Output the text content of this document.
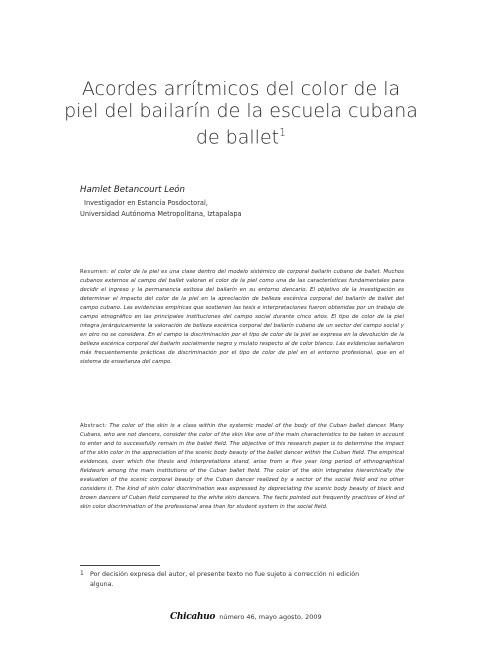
Acordes arrítmicos del color de la
piel del bailarín de la escuela cubana
de ballet$^1$
Hamlet Betancourt León
Investigador en Estancia Posdoctoral,
Universidad Autónoma Metropolitana, Iztapalapa
Resumen: el color de la piel es una clase dentro del modelo sistémico de corporal bailarín cubano de ballet. Muchos cubanos externos al campo del ballet valoran el color de la piel como una de las características fundamentales para decidir el ingreso y la permanencia exitosa del bailarín en su entorno dancario. El objetivo de la investigación es determinar el impacto del color de la piel en la apreciación de belleza escénica corporal del bailarín de ballet del campo cubano. Las evidencias empíricas que sostienen las tesis e interpretaciones fueron obtenidas por un trabajo de campo etnográfico en las principales instituciones del campo social durante cinco años. El tipo de color de la piel integra jerárquicamente la valoración de belleza escénica corporal del bailarín cubano de un sector del campo social y en otro no se considera. En el campo la discriminación por el tipo de color de la piel se expresa en la devolución de la belleza escénica corporal del bailarín socialmente negro y mulato respecto al de color blanco. Las evidencias señalaron más frecuentemente prácticas de discriminación por el tipo de color de piel en el entorno profesional, que en el sistema de enseñanza del campo.
Abstract: The color of the skin is a class within the systemic model of the body of the Cuban ballet dancer. Many Cubans, who are not dancers, consider the color of the skin like one of the main characteristics to be taken in account to enter and to successfully remain in the ballet field. The objective of this research paper is to determine the impact of the skin color in the appreciation of the scenic body beauty of the ballet dancer within the Cuban field. The empirical evidences, over which the thesis and interpretations stand, arise from a five year long period of ethnographical fieldwork among the main institutions of the Cuban ballet field. The color of the skin integrates hierarchically the evaluation of the scenic corporal beauty of the Cuban dancer realized by a sector of the social field and no other considers it. The kind of skin color discrimination was expressed by depreciating the scenic body beauty of black and brown dancers of Cuban field compared to the white skin dancers. The facts pointed out frequently practices of kind of skin color discrimination of the professional area than for student system in the social field.
1 Por decisión expresa del autor, el presente texto no fue sujeto a corrección ni edición
alguna.
Chicahuo número 46, mayo agosto, 2009
